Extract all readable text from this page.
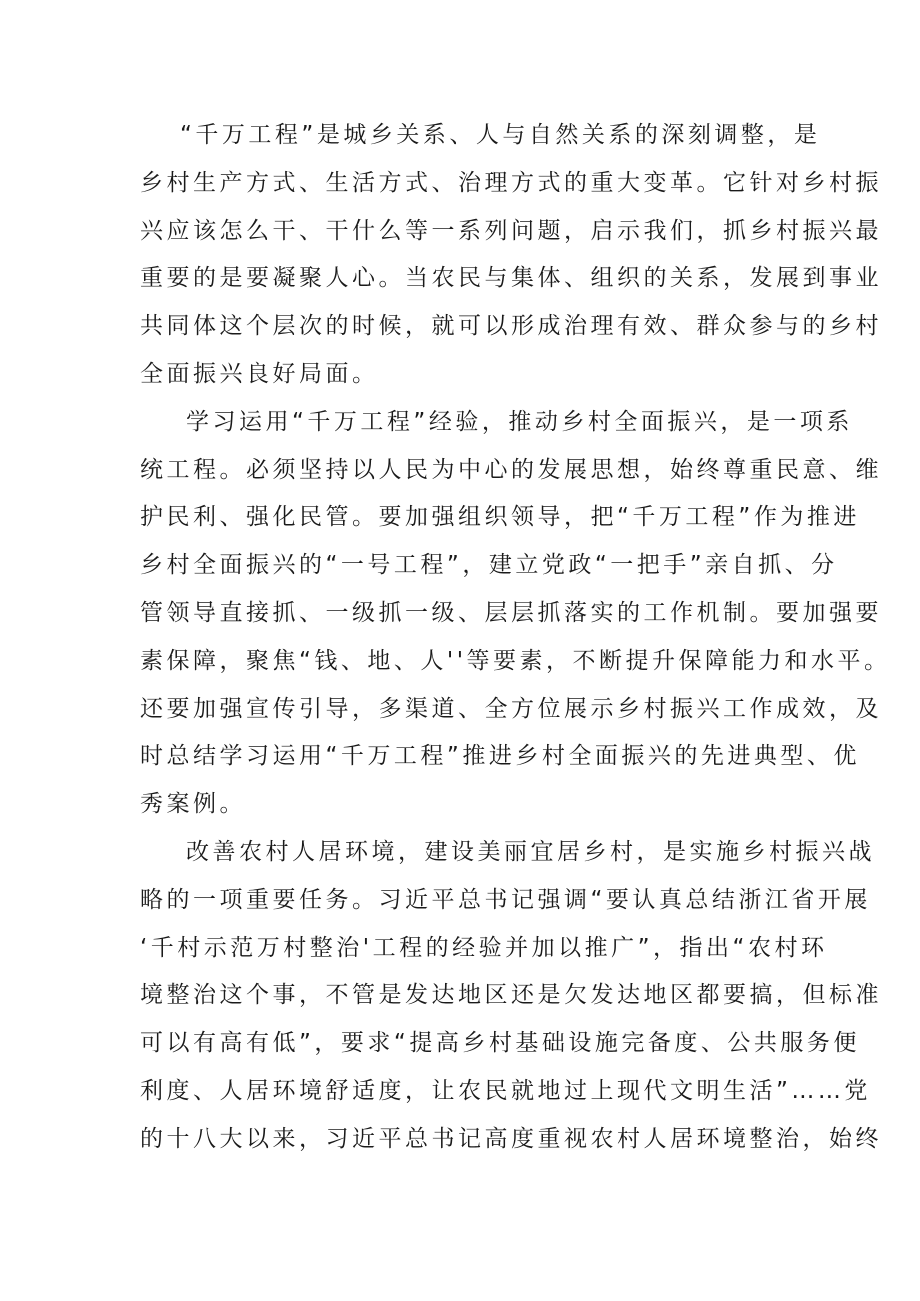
“千万工程”是城乡关系、人与自然关系的深刻调整，是
乡村生产方式、生活方式、治理方式的重大变革。它针对乡村振
兴应该怎么干、干什么等一系列问题，启示我们，抓乡村振兴最
重要的是要凝聚人心。当农民与集体、组织的关系，发展到事业
共同体这个层次的时候，就可以形成治理有效、群众参与的乡村
全面振兴良好局面。
学习运用“千万工程”经验，推动乡村全面振兴，是一项系
统工程。必须坚持以人民为中心的发展思想，始终尊重民意、维
护民利、强化民管。要加强组织领导，把“千万工程”作为推进
乡村全面振兴的“一号工程”，建立党政“一把手”亲自抓、分
管领导直接抓、一级抓一级、层层抓落实的工作机制。要加强要
素保障，聚焦“钱、地、人''等要素，不断提升保障能力和水平。
还要加强宣传引导，多渠道、全方位展示乡村振兴工作成效，及
时总结学习运用“千万工程”推进乡村全面振兴的先进典型、优
秀案例。
改善农村人居环境，建设美丽宜居乡村，是实施乡村振兴战
略的一项重要任务。习近平总书记强调“要认真总结浙江省开展
‘千村示范万村整治'工程的经验并加以推广”，指出“农村环
境整治这个事，不管是发达地区还是欠发达地区都要搞，但标准
可以有高有低”，要求“提高乡村基础设施完备度、公共服务便
利度、人居环境舒适度，让农民就地过上现代文明生活”……党
的十八大以来，习近平总书记高度重视农村人居环境整治，始终
